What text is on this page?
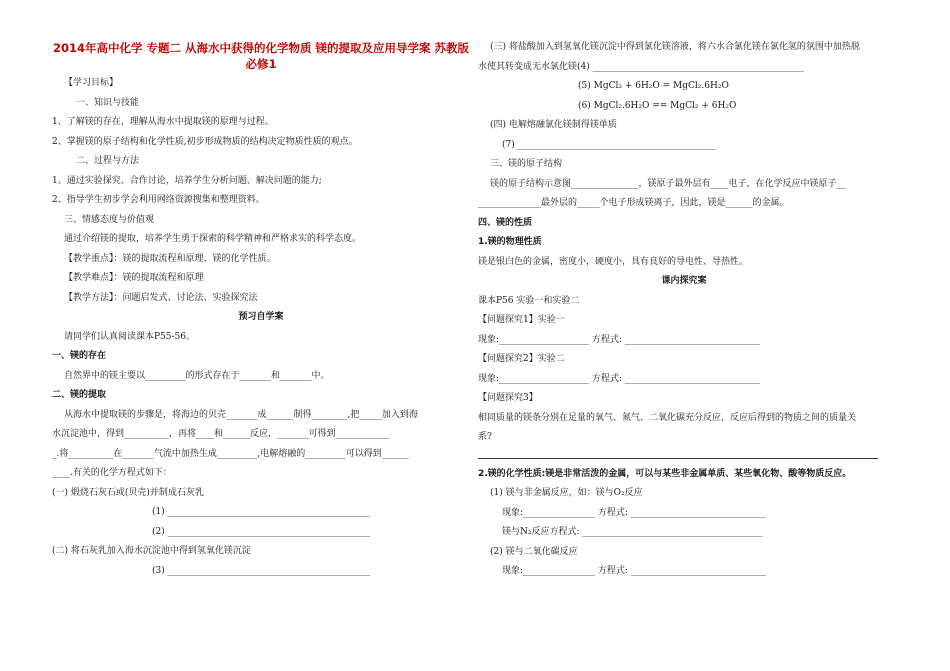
2014年高中化学 专题二 从海水中获得的化学物质 镁的提取及应用导学案 苏教版必修1
【学习目标】
一、知识与技能
1、了解镁的存在，理解从海水中提取镁的原理与过程。
2、掌握镁的原子结构和化学性质,初步形成物质的结构决定物质性质的观点。
二、过程与方法
1、通过实验探究、合作讨论，培养学生分析问题、解决问题的能力;
2、指导学生初步学会利用网络资源搜集和整理资料。
三、情感态度与价值观
通过介绍镁的提取，培养学生勇于探索的科学精神和严格求实的科学态度。
【教学重点】：镁的提取流程和原理、镁的化学性质。
【教学难点】：镁的提取流程和原理
【教学方法】：问题启发式、讨论法、实验探究法
预习自学案
请同学们认真阅读课本P55-56。
一、镁的存在
自然界中的镁主要以_________的形式存在于_______和_______中。
二、镁的提取
从海水中提取镁的步骤是，将海边的贝壳_______成______制得________,把_____加入到海
水沉淀池中，得到__________，再将____和______反应，_______可得到____________
_.将__________在_______气流中加热生成_________,电解熔融的_________可以得到______
____.有关的化学方程式如下：
(一) 煅烧石灰石或(贝壳)并制成石灰乳
(1) _____________________________________________
(2) _____________________________________________
(二) 将石灰乳加入海水沉淀池中得到氢氧化镁沉淀
(3) _____________________________________________
(三) 将盐酸加入到氢氧化镁沉淀中得到氯化镁溶液，将六水合氯化镁在氯化氢的氛围中加热脱
水使其转变成无水氯化镁(4) _______________________________________________
(5) MgCl₂ + 6H₂O = MgCl₂.6H₂O
(6) MgCl₂.6H₂O == MgCl₂ + 6H₂O
(四) 电解熔融氯化镁制得镁单质
(7) ____________________________________________
三、镁的原子结构
镁的原子结构示意图_______________，镁原子最外层有____电子，在化学反应中镁原子__
______________最外层的_____个电子形成镁离子，因此，镁是______的金属。
四、镁的性质
1.镁的物理性质
镁是银白色的金属，密度小，硬度小，具有良好的导电性、导热性。
课内探究案
课本P56 实验一和实验二
【问题探究1】实验一
现象:____________________ 方程式: ______________________________
【问题探究2】实验二
现象:____________________ 方程式: ______________________________
【问题探究3】
相同质量的镁条分别在足量的氧气、氮气、二氧化碳充分反应，反应后得到的物质之间的质量关
系?
2.镁的化学性质:镁是非常活泼的金属，可以与某些非金属单质、某些氧化物、酸等物质反应。
(1) 镁与非金属反应，如：镁与O₂反应
现象:________________ 方程式: ______________________________
镁与N₂反应方程式: ________________________________________
(2) 镁与二氧化碳反应
现象:________________ 方程式: ______________________________
